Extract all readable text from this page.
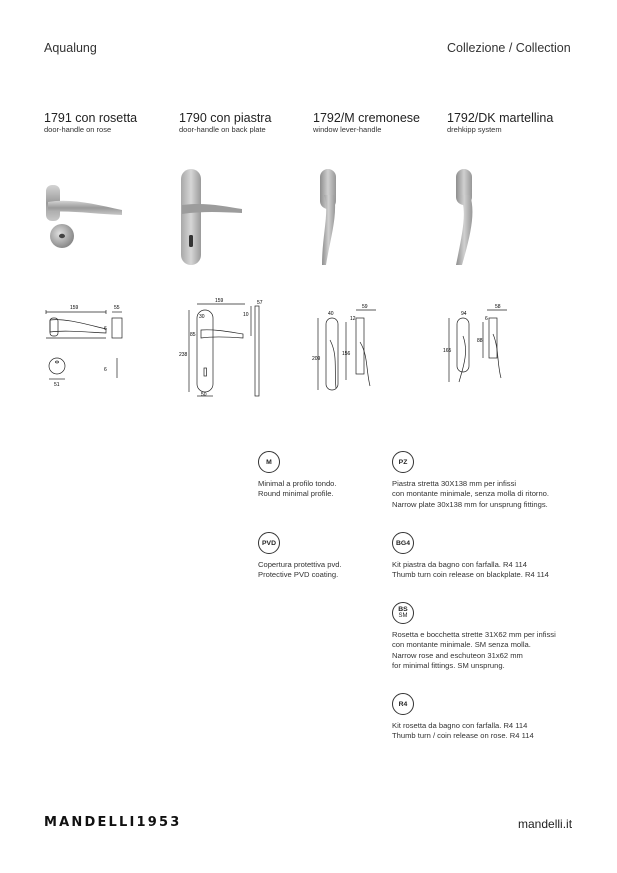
Aqualung	Collezione / Collection
1791 con rosetta
door-handle on rose
1790 con piastra
door-handle on back plate
1792/M cremonese
window lever-handle
1792/DK martellina
drehkipp system
159	55
51
6
6
159	57
85
238
30
50
10	40
12
59
209
156
94
6
58
165
88
M
Minimal a profilo tondo.
Round minimal profile.
PVD
Copertura protettiva pvd.
Protective PVD coating.
PZ
Piastra stretta 30X138 mm per infissi
con montante minimale, senza molla di ritorno.
Narrow plate 30x138 mm for unsprung fittings.
BG4
Kit piastra da bagno con farfalla. R4 114
Thumb turn coin release on blackplate. R4 114
BS
SM
Rosetta e bocchetta strette 31X62 mm per infissi
con montante minimale. SM senza molla.
Narrow rose and eschuteon 31x62 mm
for minimal fittings. SM unsprung.
R4
Kit rosetta da bagno con farfalla. R4 114
Thumb turn / coin release on rose. R4 114
MANDELLI1953	mandelli.it
